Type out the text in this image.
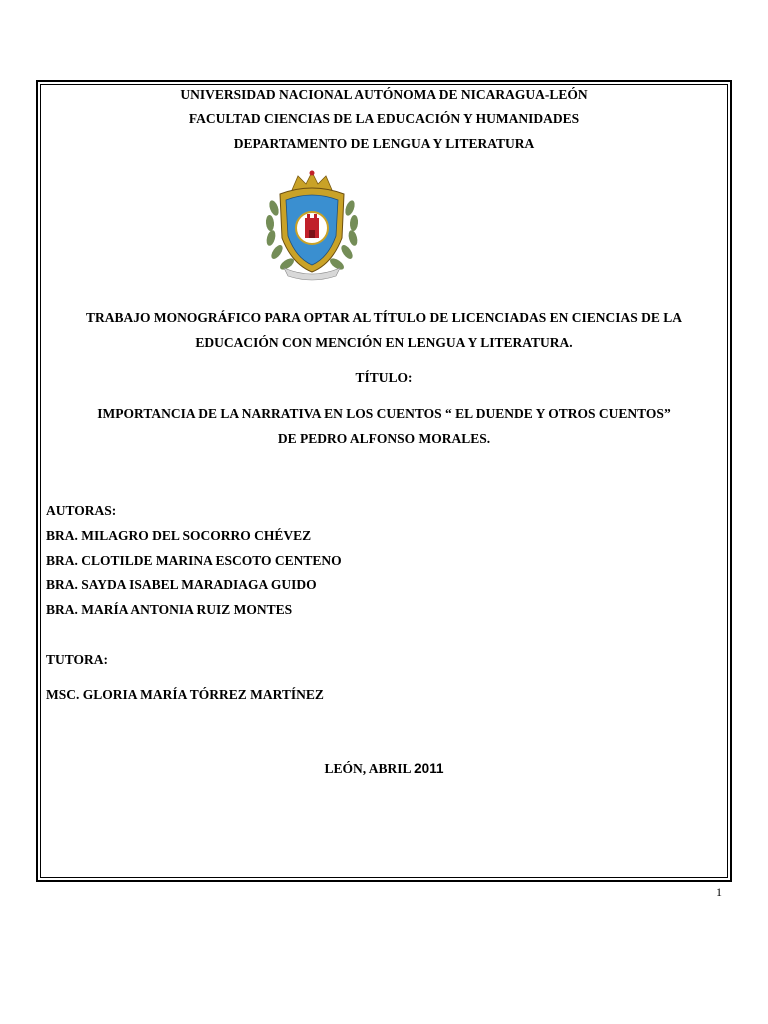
UNIVERSIDAD NACIONAL AUTÓNOMA DE NICARAGUA-LEÓN
FACULTAD CIENCIAS DE LA EDUCACIÓN Y HUMANIDADES
DEPARTAMENTO DE LENGUA Y LITERATURA
TRABAJO MONOGRÁFICO PARA OPTAR AL TÍTULO DE LICENCIADAS EN CIENCIAS DE LA
EDUCACIÓN CON MENCIÓN EN LENGUA Y LITERATURA.
TÍTULO:
IMPORTANCIA DE LA NARRATIVA EN LOS CUENTOS “ EL DUENDE Y OTROS CUENTOS”
DE PEDRO ALFONSO MORALES.
AUTORAS:
BRA. MILAGRO DEL SOCORRO CHÉVEZ
BRA. CLOTILDE MARINA ESCOTO CENTENO
BRA. SAYDA ISABEL MARADIAGA GUIDO
BRA. MARÍA ANTONIA RUIZ MONTES
TUTORA:
MSC. GLORIA MARÍA TÓRREZ MARTÍNEZ
LEÓN, ABRIL 2011
1
